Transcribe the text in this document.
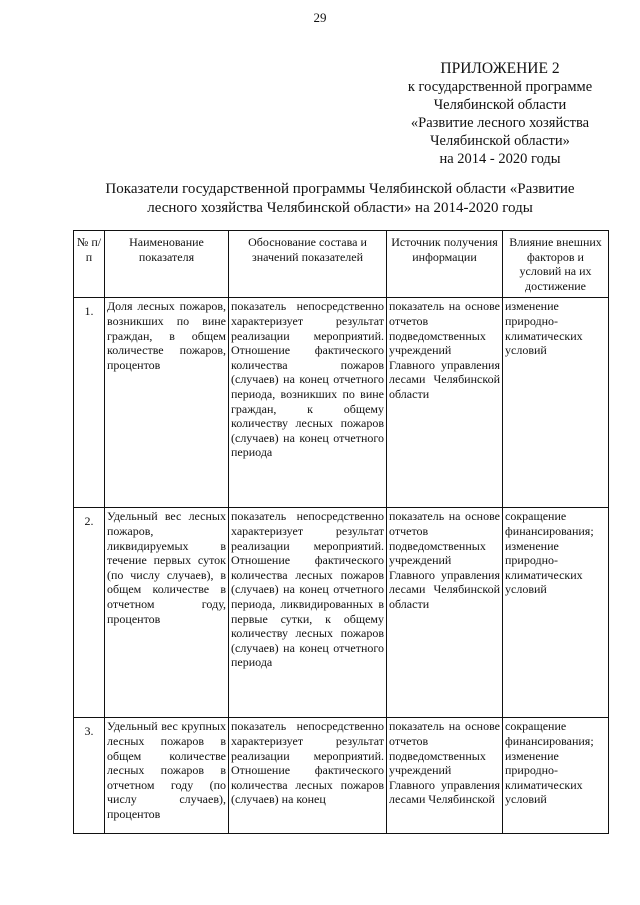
29
ПРИЛОЖЕНИЕ 2
к государственной программе
Челябинской области
«Развитие лесного хозяйства
Челябинской области»
на 2014 - 2020 годы
Показатели государственной программы Челябинской области «Развитие
лесного хозяйства Челябинской области» на 2014-2020 годы
№ п/п	Наименование показателя	Обоснование состава и значений показателей	Источник получения информации	Влияние внешних факторов и условий на их достижение
1.	Доля лесных пожаров, возникших по вине граждан, в общем количестве пожаров, процентов	показатель непосредственно характеризует результат реализации мероприятий. Отношение фактического количества пожаров (случаев) на конец отчетного периода, возникших по вине граждан, к общему количеству лесных пожаров (случаев) на конец отчетного периода	показатель на основе отчетов подведомственных учреждений Главного управления лесами Челябинской области	изменение природно-климатических условий
2.	Удельный вес лесных пожаров, ликвидируемых в течение первых суток (по числу случаев), в общем количестве в отчетном году, процентов	показатель непосредственно характеризует результат реализации мероприятий. Отношение фактического количества лесных пожаров (случаев) на конец отчетного периода, ликвидированных в первые сутки, к общему количеству лесных пожаров (случаев) на конец отчетного периода	показатель на основе отчетов подведомственных учреждений Главного управления лесами Челябинской области	сокращение финансирования; изменение природно-климатических условий
3.	Удельный вес крупных лесных пожаров в общем количестве лесных пожаров в отчетном году (по числу случаев), процентов	показатель непосредственно характеризует результат реализации мероприятий. Отношение фактического количества лесных пожаров (случаев) на конец	показатель на основе отчетов подведомственных учреждений Главного управления лесами Челябинской	сокращение финансирования; изменение природно-климатических условий
